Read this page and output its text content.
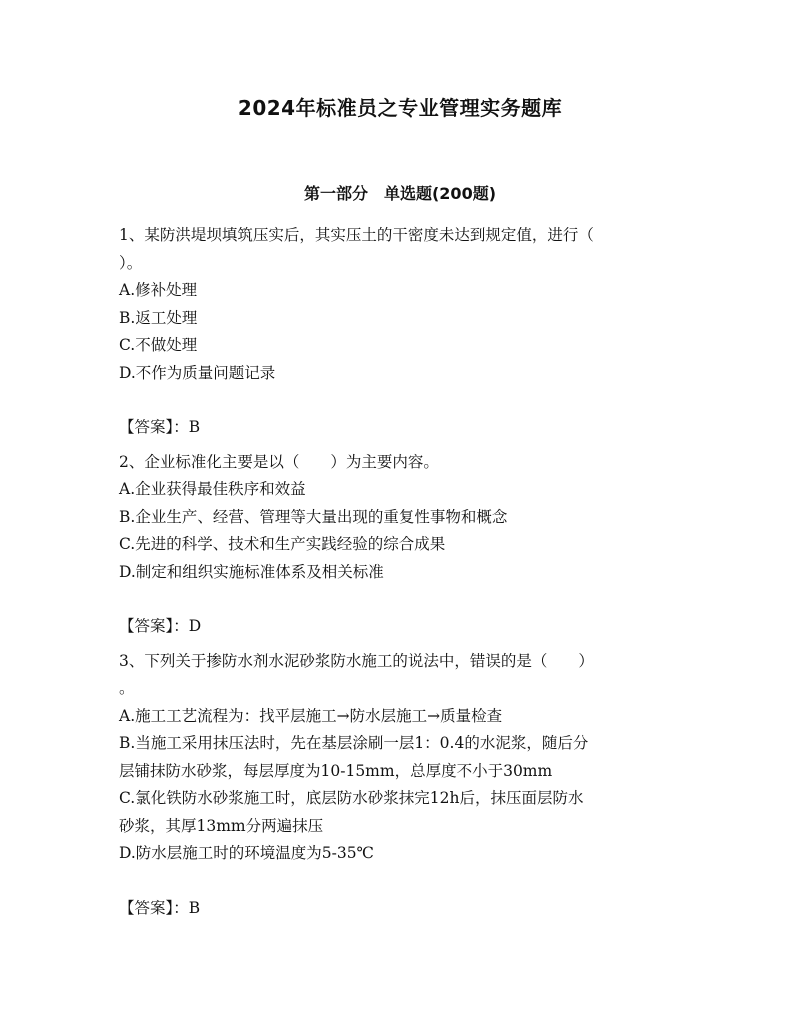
2024年标准员之专业管理实务题库
第一部分　单选题(200题)

1、某防洪堤坝填筑压实后，其实压土的干密度未达到规定值，进行（

）。

A.修补处理

B.返工处理

C.不做处理

D.不作为质量问题记录

【答案】：B

2、企业标准化主要是以（　　）为主要内容。

A.企业获得最佳秩序和效益

B.企业生产、经营、管理等大量出现的重复性事物和概念

C.先进的科学、技术和生产实践经验的综合成果

D.制定和组织实施标准体系及相关标准

【答案】：D

3、下列关于掺防水剂水泥砂浆防水施工的说法中，错误的是（　　）

。

A.施工工艺流程为：找平层施工→防水层施工→质量检查

B.当施工采用抹压法时，先在基层涂刷一层1：0.4的水泥浆，随后分

层铺抹防水砂浆，每层厚度为10-15mm，总厚度不小于30mm

C.氯化铁防水砂浆施工时，底层防水砂浆抹完12h后，抹压面层防水

砂浆，其厚13mm分两遍抹压

D.防水层施工时的环境温度为5-35℃

【答案】：B
